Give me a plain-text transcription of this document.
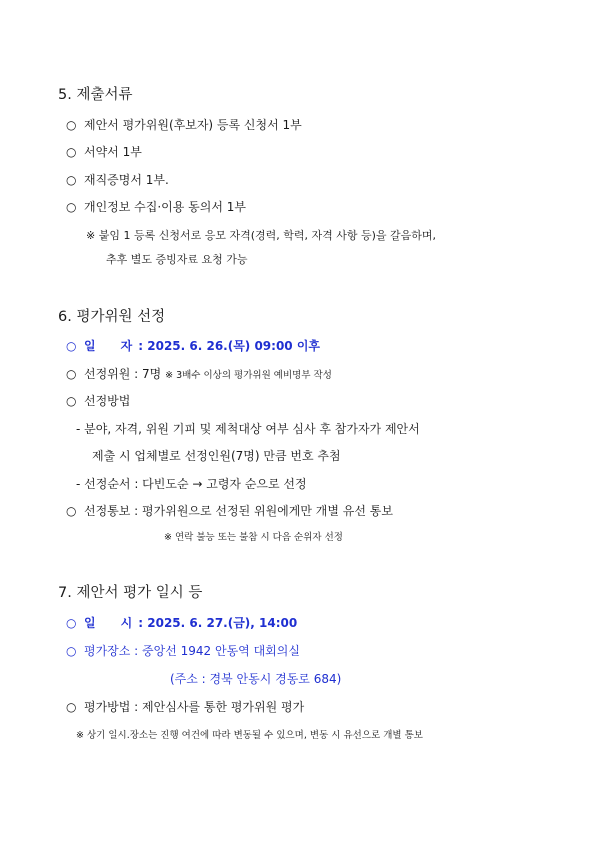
5. 제출서류
○ 제안서 평가위원(후보자) 등록 신청서 1부
○ 서약서 1부
○ 재직증명서 1부.
○ 개인정보 수집·이용 동의서 1부
※ 붙임 1 등록 신청서로 응모 자격(경력, 학력, 자격 사항 등)을 갈음하며,
추후 별도 증빙자료 요청 가능
6. 평가위원 선정
○ 일      자 : 2025. 6. 26.(목) 09:00 이후
○ 선정위원 : 7명 ※ 3배수 이상의 평가위원 예비명부 작성
○ 선정방법
- 분야, 자격, 위원 기피 및 제척대상 여부 심사 후 참가자가 제안서
제출 시 업체별로 선정인원(7명) 만큼 번호 추첨
- 선정순서 : 다빈도순 → 고령자 순으로 선정
○ 선정통보 : 평가위원으로 선정된 위원에게만 개별 유선 통보
※ 연락 불능 또는 불참 시 다음 순위자 선정
7. 제안서 평가 일시 등
○ 일      시 : 2025. 6. 27.(금), 14:00
○ 평가장소 : 중앙선 1942 안동역 대회의실
(주소 : 경북 안동시 경동로 684)
○ 평가방법 : 제안심사를 통한 평가위원 평가
※ 상기 일시.장소는 진행 여건에 따라 변동될 수 있으며, 변동 시 유선으로 개별 통보
